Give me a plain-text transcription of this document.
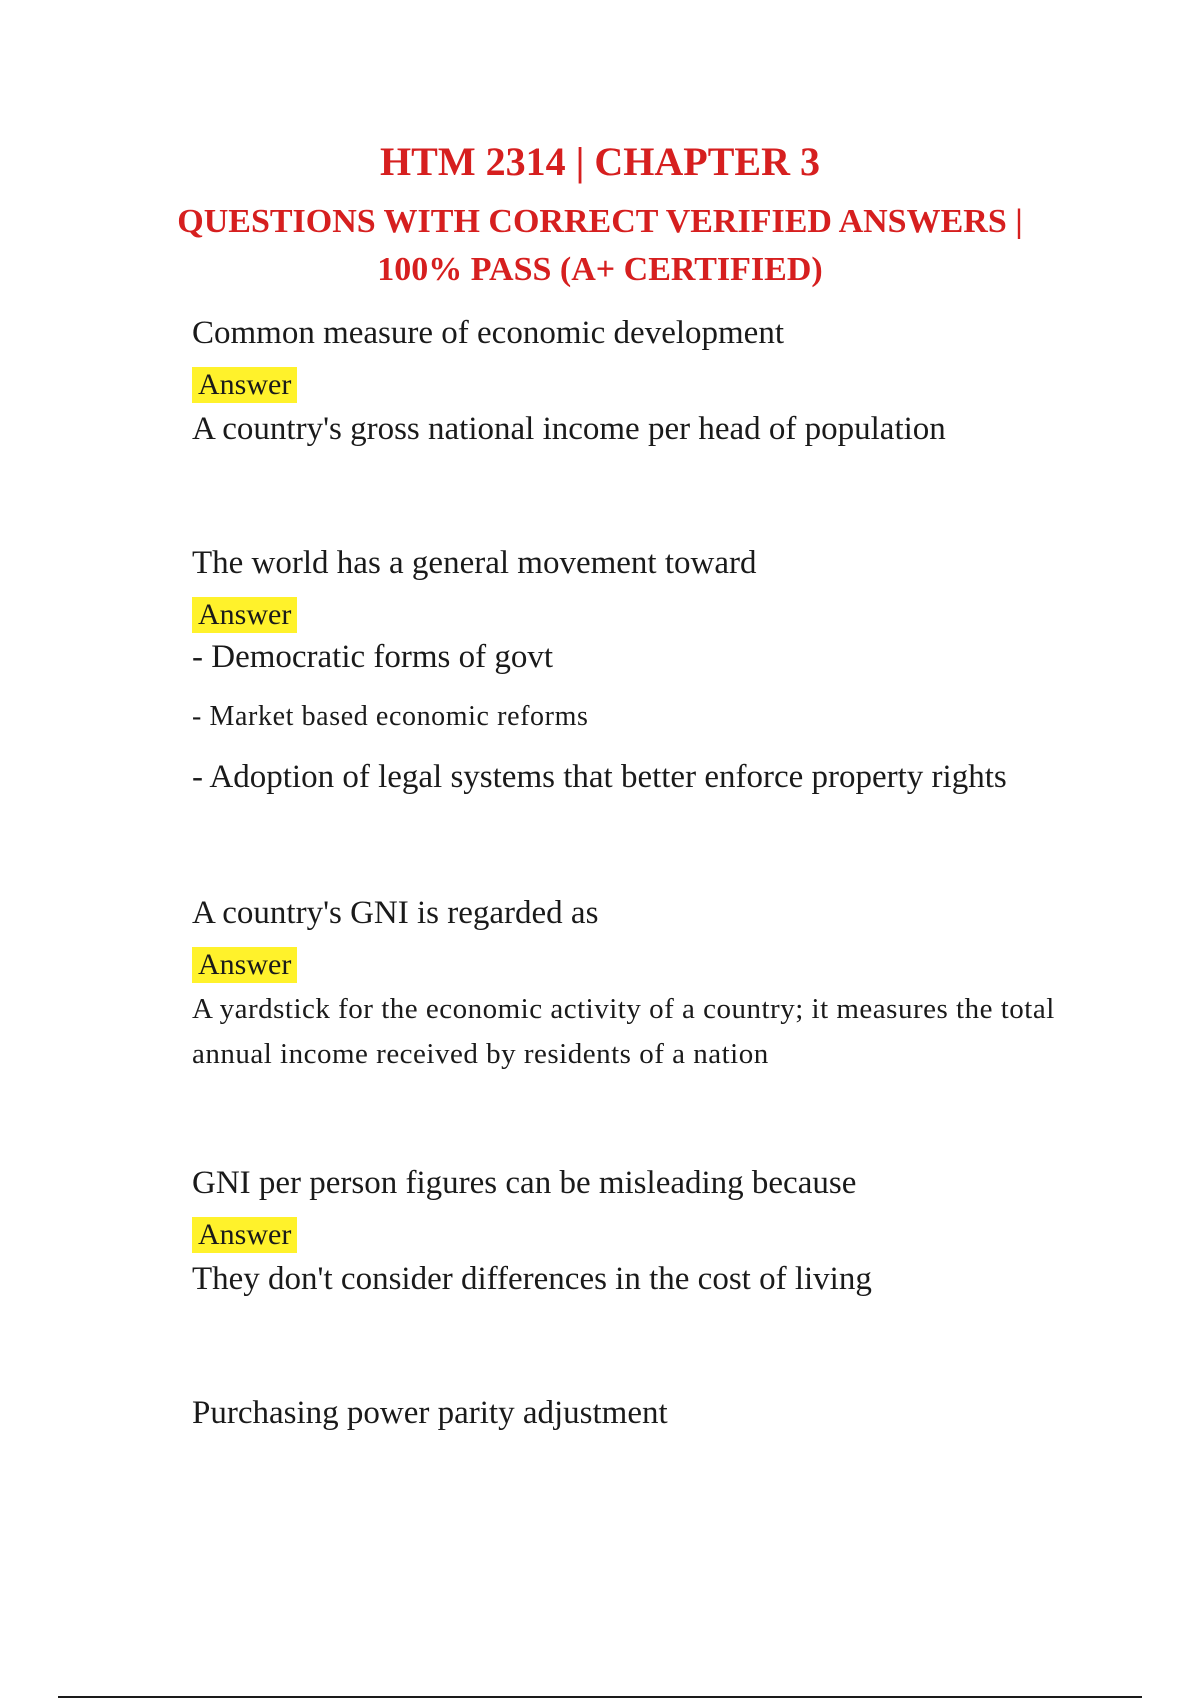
HTM 2314 | CHAPTER 3
QUESTIONS WITH CORRECT VERIFIED ANSWERS | 100% PASS (A+ CERTIFIED)

Common measure of economic development

Answer

A country's gross national income per head of population

The world has a general movement toward

Answer

- Democratic forms of govt

- Market based economic reforms

- Adoption of legal systems that better enforce property rights

A country's GNI is regarded as

Answer

A yardstick for the economic activity of a country; it measures the total annual income received by residents of a nation

GNI per person figures can be misleading because

Answer

They don't consider differences in the cost of living

Purchasing power parity adjustment
